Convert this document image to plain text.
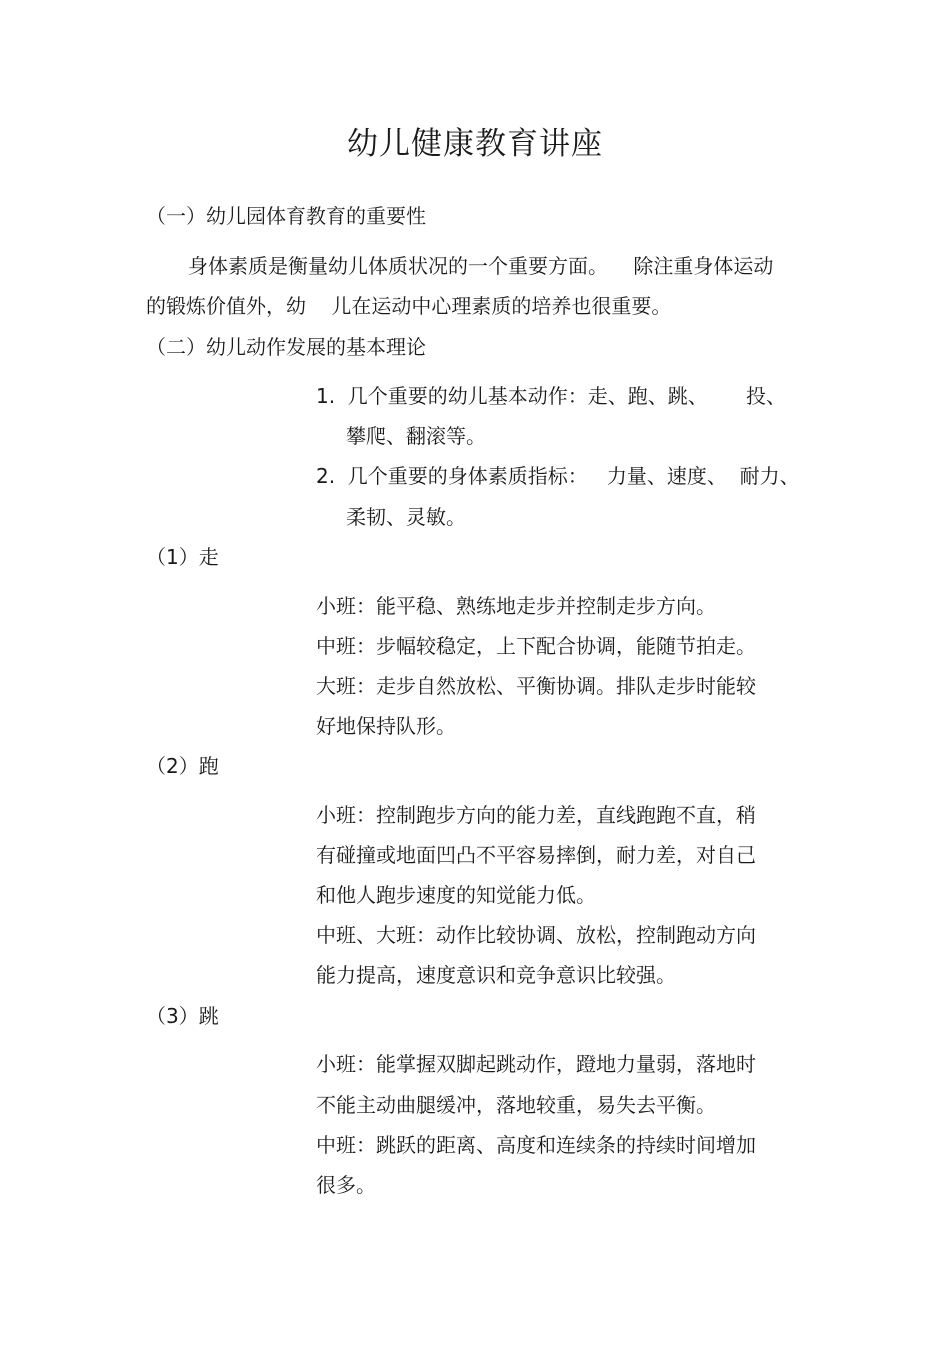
幼儿健康教育讲座
（一）幼儿园体育教育的重要性
身体素质是衡量幼儿体质状况的一个重要方面。    除注重身体运动
的锻炼价值外，幼    儿在运动中心理素质的培养也很重要。
（二）幼儿动作发展的基本理论
1.  几个重要的幼儿基本动作：走、跑、跳、      投、
攀爬、翻滚等。
2.  几个重要的身体素质指标：   力量、速度、  耐力、
柔韧、灵敏。
（1）走
小班：能平稳、熟练地走步并控制走步方向。
中班：步幅较稳定，上下配合协调，能随节拍走。
大班：走步自然放松、平衡协调。排队走步时能较
好地保持队形。
（2）跑
小班：控制跑步方向的能力差，直线跑跑不直，稍
有碰撞或地面凹凸不平容易摔倒，耐力差，对自己
和他人跑步速度的知觉能力低。
中班、大班：动作比较协调、放松，控制跑动方向
能力提高，速度意识和竞争意识比较强。
（3）跳
小班：能掌握双脚起跳动作，蹬地力量弱，落地时
不能主动曲腿缓冲，落地较重，易失去平衡。
中班：跳跃的距离、高度和连续条的持续时间增加
很多。
